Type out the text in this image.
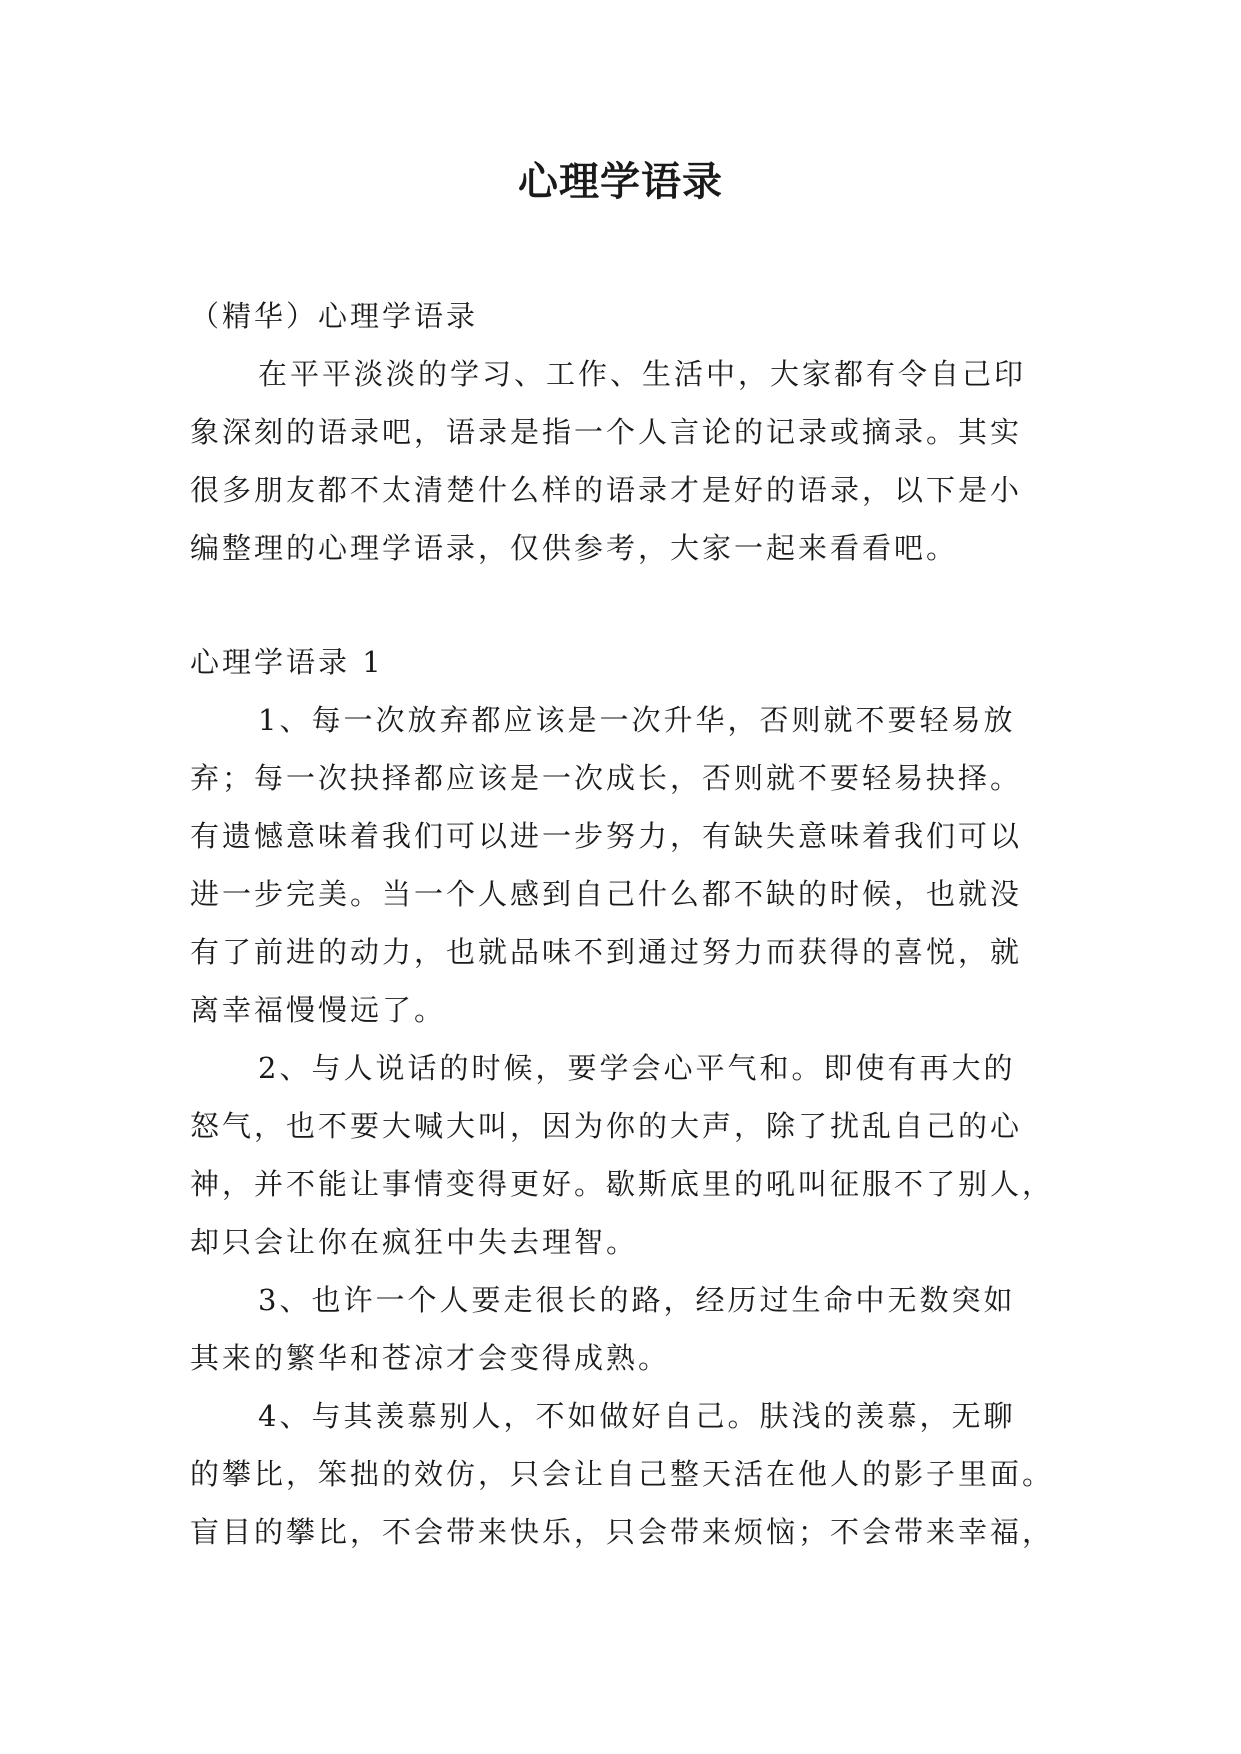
心理学语录
（精华）心理学语录
在平平淡淡的学习、工作、生活中，大家都有令自己印
象深刻的语录吧，语录是指一个人言论的记录或摘录。其实
很多朋友都不太清楚什么样的语录才是好的语录，以下是小
编整理的心理学语录，仅供参考，大家一起来看看吧。
心理学语录 1
1、每一次放弃都应该是一次升华，否则就不要轻易放
弃；每一次抉择都应该是一次成长，否则就不要轻易抉择。
有遗憾意味着我们可以进一步努力，有缺失意味着我们可以
进一步完美。当一个人感到自己什么都不缺的时候，也就没
有了前进的动力，也就品味不到通过努力而获得的喜悦，就
离幸福慢慢远了。
2、与人说话的时候，要学会心平气和。即使有再大的
怒气，也不要大喊大叫，因为你的大声，除了扰乱自己的心
神，并不能让事情变得更好。歇斯底里的吼叫征服不了别人，
却只会让你在疯狂中失去理智。
3、也许一个人要走很长的路，经历过生命中无数突如
其来的繁华和苍凉才会变得成熟。
4、与其羡慕别人，不如做好自己。肤浅的羡慕，无聊
的攀比，笨拙的效仿，只会让自己整天活在他人的影子里面。
盲目的攀比，不会带来快乐，只会带来烦恼；不会带来幸福，
